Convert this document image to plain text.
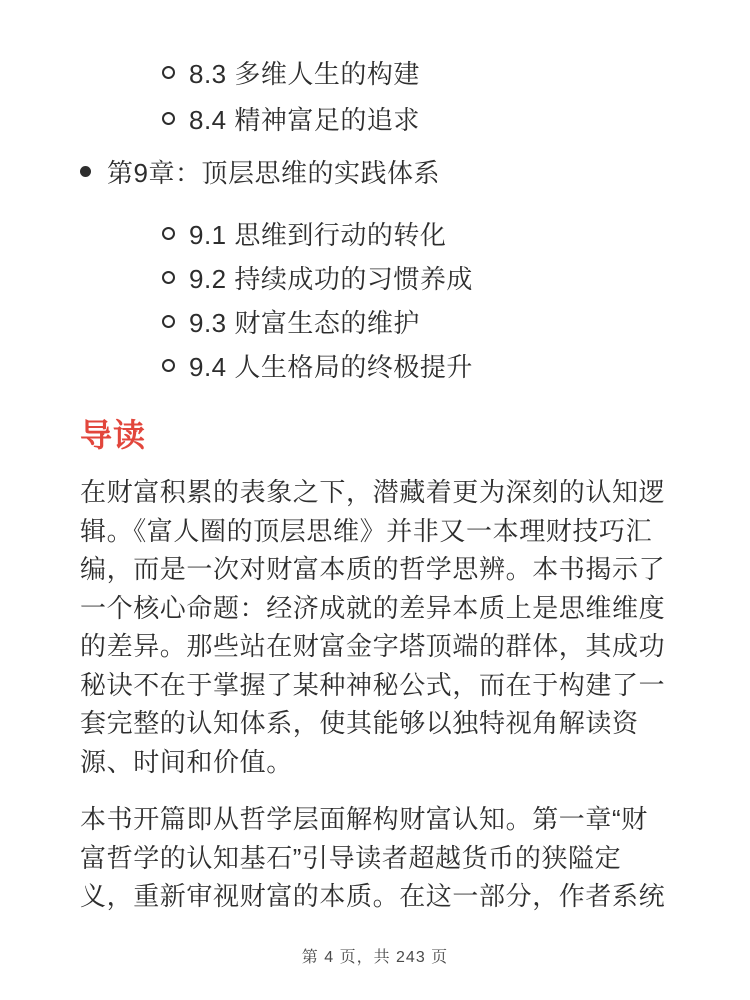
8.3 多维人生的构建
8.4 精神富足的追求
第9章：顶层思维的实践体系
9.1 思维到行动的转化
9.2 持续成功的习惯养成
9.3 财富生态的维护
9.4 人生格局的终极提升
导读
在财富积累的表象之下，潜藏着更为深刻的认知逻
辑。《富人圈的顶层思维》并非又一本理财技巧汇
编，而是一次对财富本质的哲学思辨。本书揭示了
一个核心命题：经济成就的差异本质上是思维维度
的差异。那些站在财富金字塔顶端的群体，其成功
秘诀不在于掌握了某种神秘公式，而在于构建了一
套完整的认知体系，使其能够以独特视角解读资
源、时间和价值。
本书开篇即从哲学层面解构财富认知。第一章“财
富哲学的认知基石”引导读者超越货币的狭隘定
义，重新审视财富的本质。在这一部分，作者系统
第 4 页，共 243 页
